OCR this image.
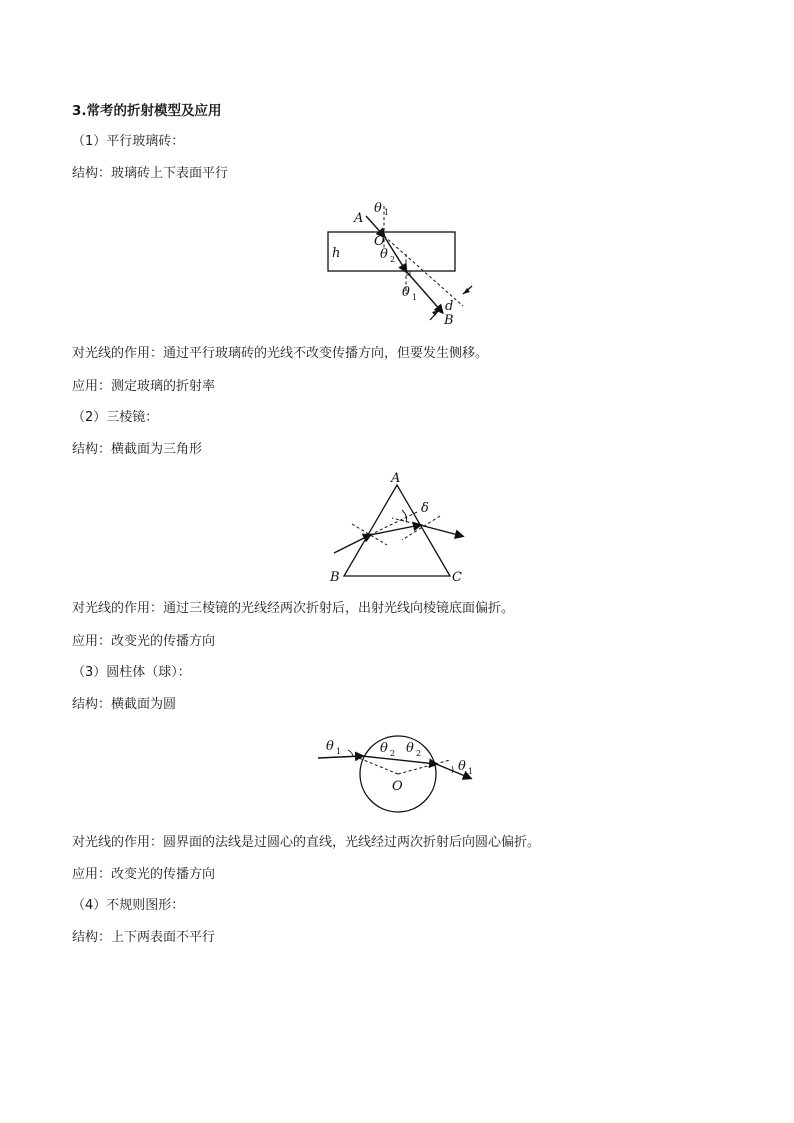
3.常考的折射模型及应用
（1）平行玻璃砖：
结构：玻璃砖上下表面平行
A
θ 1
O
h	θ 2
θ 1
d
B
对光线的作用：通过平行玻璃砖的光线不改变传播方向，但要发生侧移。
应用：测定玻璃的折射率
（2）三棱镜：
结构：横截面为三角形
A
B	C
δ
对光线的作用：通过三棱镜的光线经两次折射后，出射光线向棱镜底面偏折。
应用：改变光的传播方向
（3）圆柱体（球）：
结构：横截面为圆
θ 1	θ 2 θ 2
θ 1
O
对光线的作用：圆界面的法线是过圆心的直线，光线经过两次折射后向圆心偏折。
应用：改变光的传播方向
（4）不规则图形：
结构：上下两表面不平行
